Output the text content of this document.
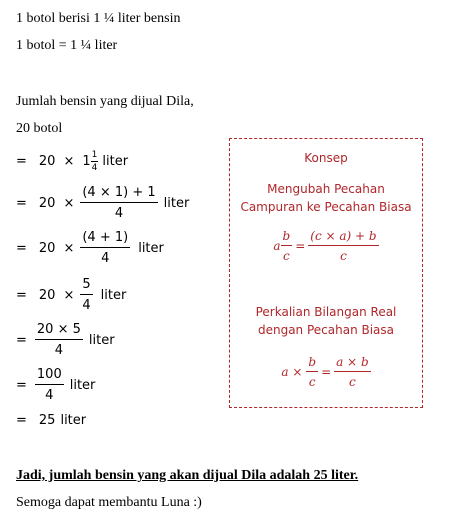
1 botol berisi 1 ¼ liter bensin
1 botol = 1 ¼ liter
Jumlah bensin yang dijual Dila,
20 botol
= $20 \times 1 \frac{1}{4}$ liter
= $20 \times \frac{(4 \times 1) + 1}{4}$ liter
= $20 \times \frac{(4 + 1)}{4}$ liter
= $20 \times \frac{5}{4}$ liter
= $\frac{20 \times 5}{4}$ liter
= $\frac{100}{4}$ liter
= 25 liter
Konsep
Mengubah Pecahan
Campuran ke Pecahan Biasa
a $\frac{b}{c} = \frac{(c \times a) + b}{c}$
Perkalian Bilangan Real
dengan Pecahan Biasa
$a \times \frac{b}{c} = \frac{a \times b}{c}$
Jadi, jumlah bensin yang akan dijual Dila adalah 25 liter.
Semoga dapat membantu Luna :)
